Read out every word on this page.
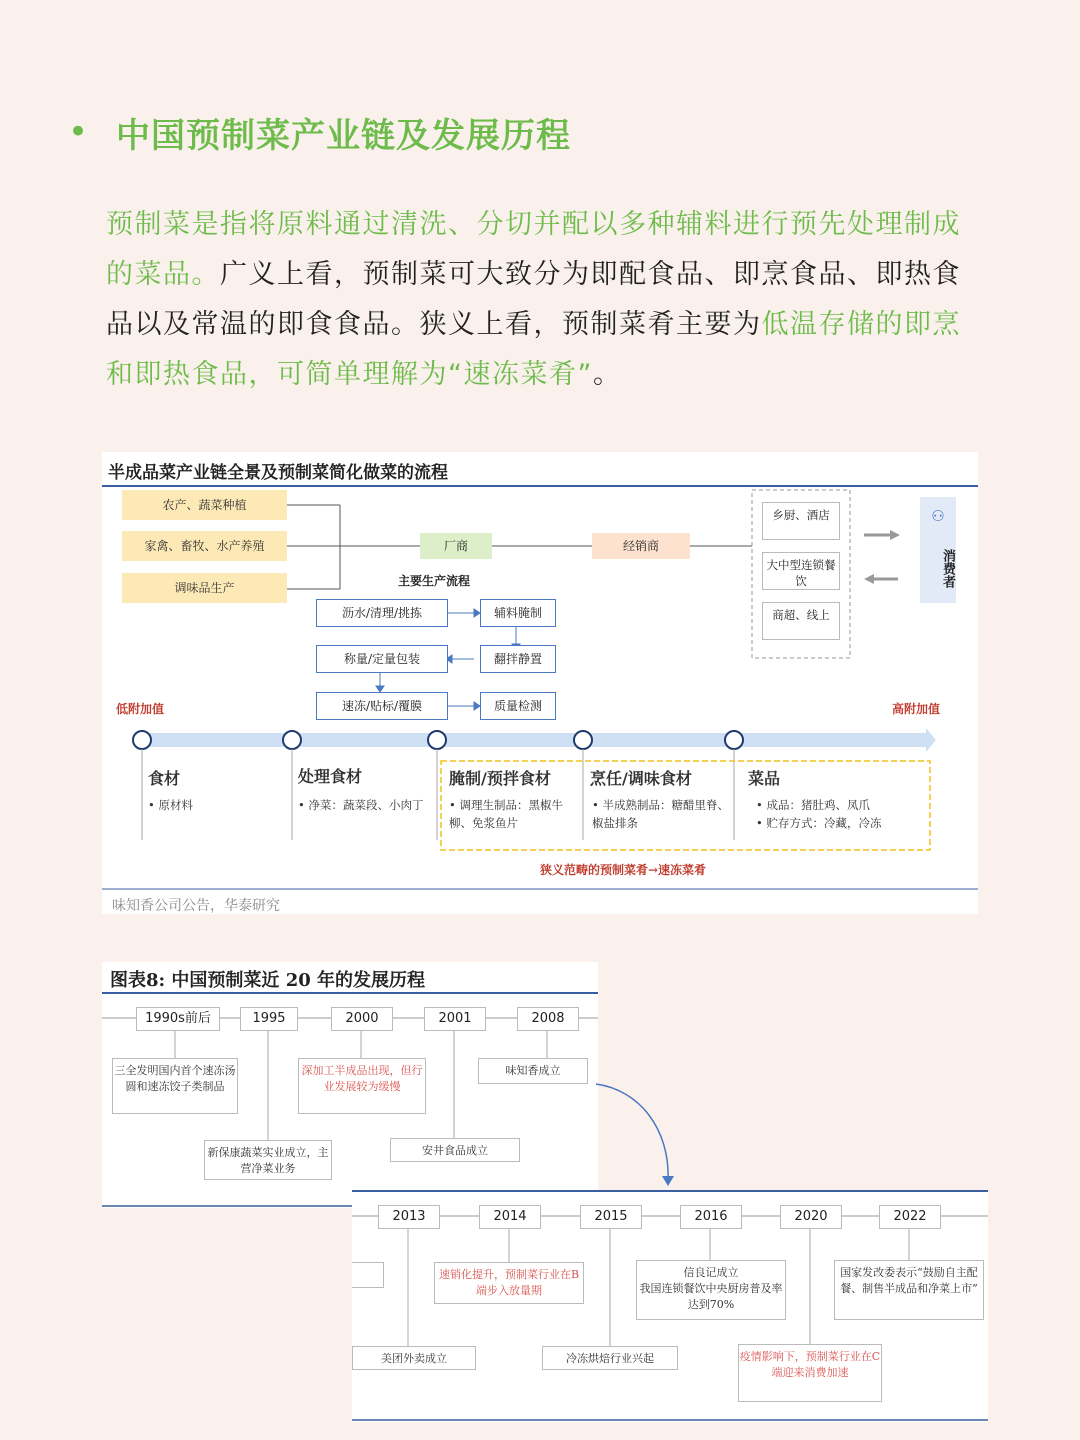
• 中国预制菜产业链及发展历程
预制菜是指将原料通过清洗、分切并配以多种辅料进行预先处理制成的菜品。广义上看，预制菜可大致分为即配食品、即烹食品、即热食品以及常温的即食食品。狭义上看，预制菜肴主要为低温存储的即烹和即热食品，可简单理解为“速冻菜肴”。
半成品菜产业链全景及预制菜简化做菜的流程
农产、蔬菜种植
家禽、畜牧、水产养殖
调味品生产
厂商	经销商
乡厨、酒店
大中型连锁餐饮
商超、线上
⚇
消费者
主要生产流程
沥水/清理/挑拣	辅料腌制
称量/定量包装	翻拌静置
速冻/贴标/覆膜	质量检测
低附加值	高附加值
食材
• 原材料
处理食材
• 净菜：蔬菜段、小肉丁
腌制/预拌食材
• 调理生制品：黑椒牛柳、免浆鱼片
烹任/调味食材
• 半成熟制品：糖醋里脊、椒盐排条
菜品
• 成品：猪肚鸡、凤爪
• 贮存方式：冷藏，冷冻
狭义范畴的预制菜肴→速冻菜肴
味知香公司公告，华泰研究
图表8: 中国预制菜近 20 年的发展历程
1990s前后	1995	2000	2001	2008
三全发明国内首个速冻汤圆和速冻饺子类制品
深加工半成品出现，但行业发展较为缓慢
味知香成立
新保康蔬菜实业成立，主营净菜业务
安井食品成立
2013	2014	2015	2016	2020	2022
速销化提升，预制菜行业在B端步入放量期
信良记成立
我国连锁餐饮中央厨房普及率达到70%
国家发改委表示“鼓励自主配餐、制售半成品和净菜上市”
美团外卖成立	冷冻烘焙行业兴起	疫情影响下，预制菜行业在C端迎来消费加速
